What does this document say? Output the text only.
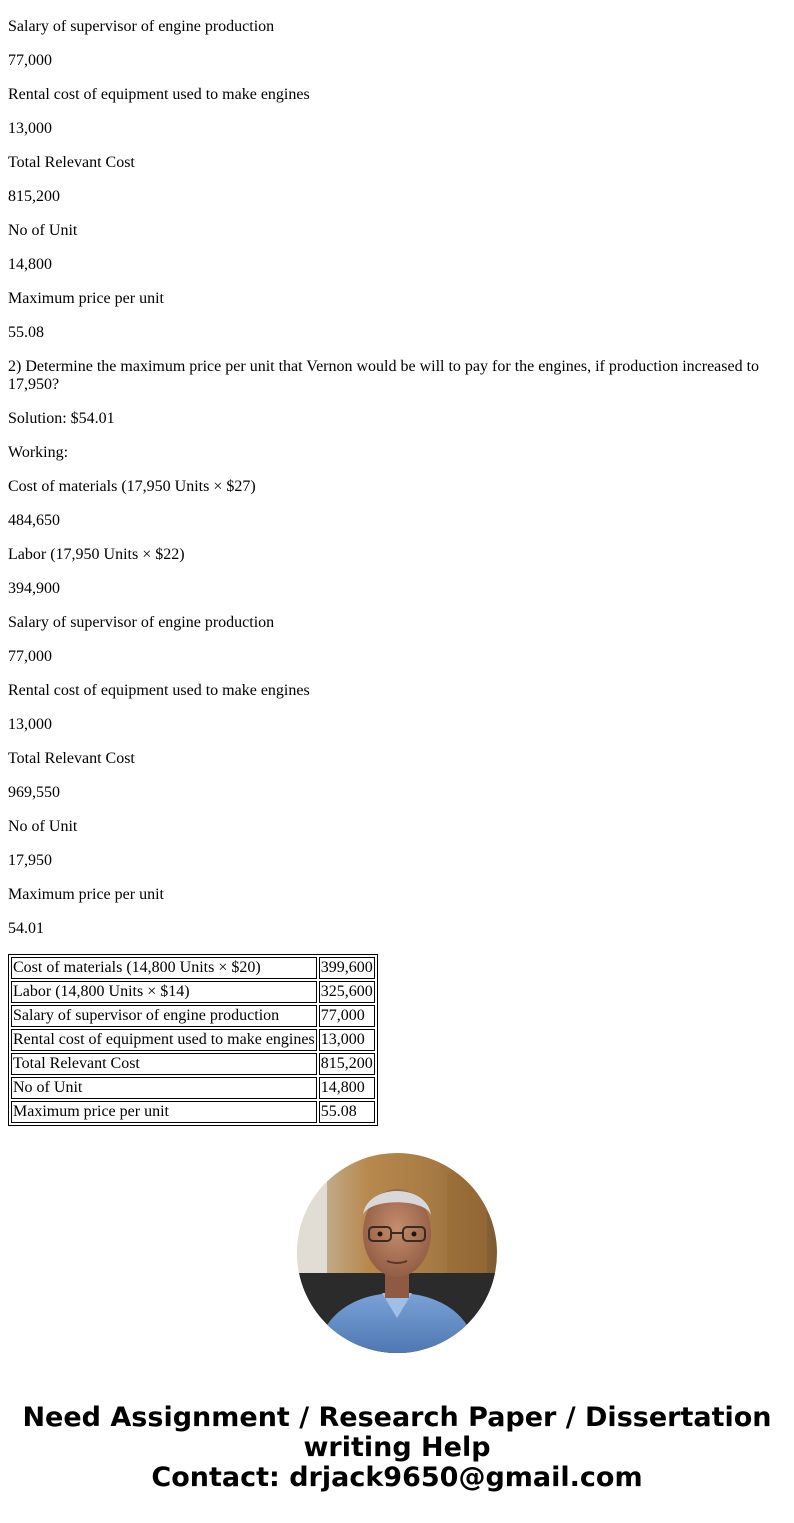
Salary of supervisor of engine production

77,000

Rental cost of equipment used to make engines

13,000

Total Relevant Cost

815,200

No of Unit

14,800

Maximum price per unit

55.08

2) Determine the maximum price per unit that Vernon would be will to pay for the engines, if production increased to 17,950?

Solution: $54.01

Working:

Cost of materials (17,950 Units × $27)

484,650

Labor (17,950 Units × $22)

394,900

Salary of supervisor of engine production

77,000

Rental cost of equipment used to make engines

13,000

Total Relevant Cost

969,550

No of Unit

17,950

Maximum price per unit

54.01

Cost of materials (14,800 Units × $20)	399,600
Labor (14,800 Units × $14)	325,600
Salary of supervisor of engine production	77,000
Rental cost of equipment used to make engines	13,000
Total Relevant Cost	815,200
No of Unit	14,800
Maximum price per unit	55.08
Need Assignment / Research Paper / Dissertation
writing Help
Contact: drjack9650@gmail.com
